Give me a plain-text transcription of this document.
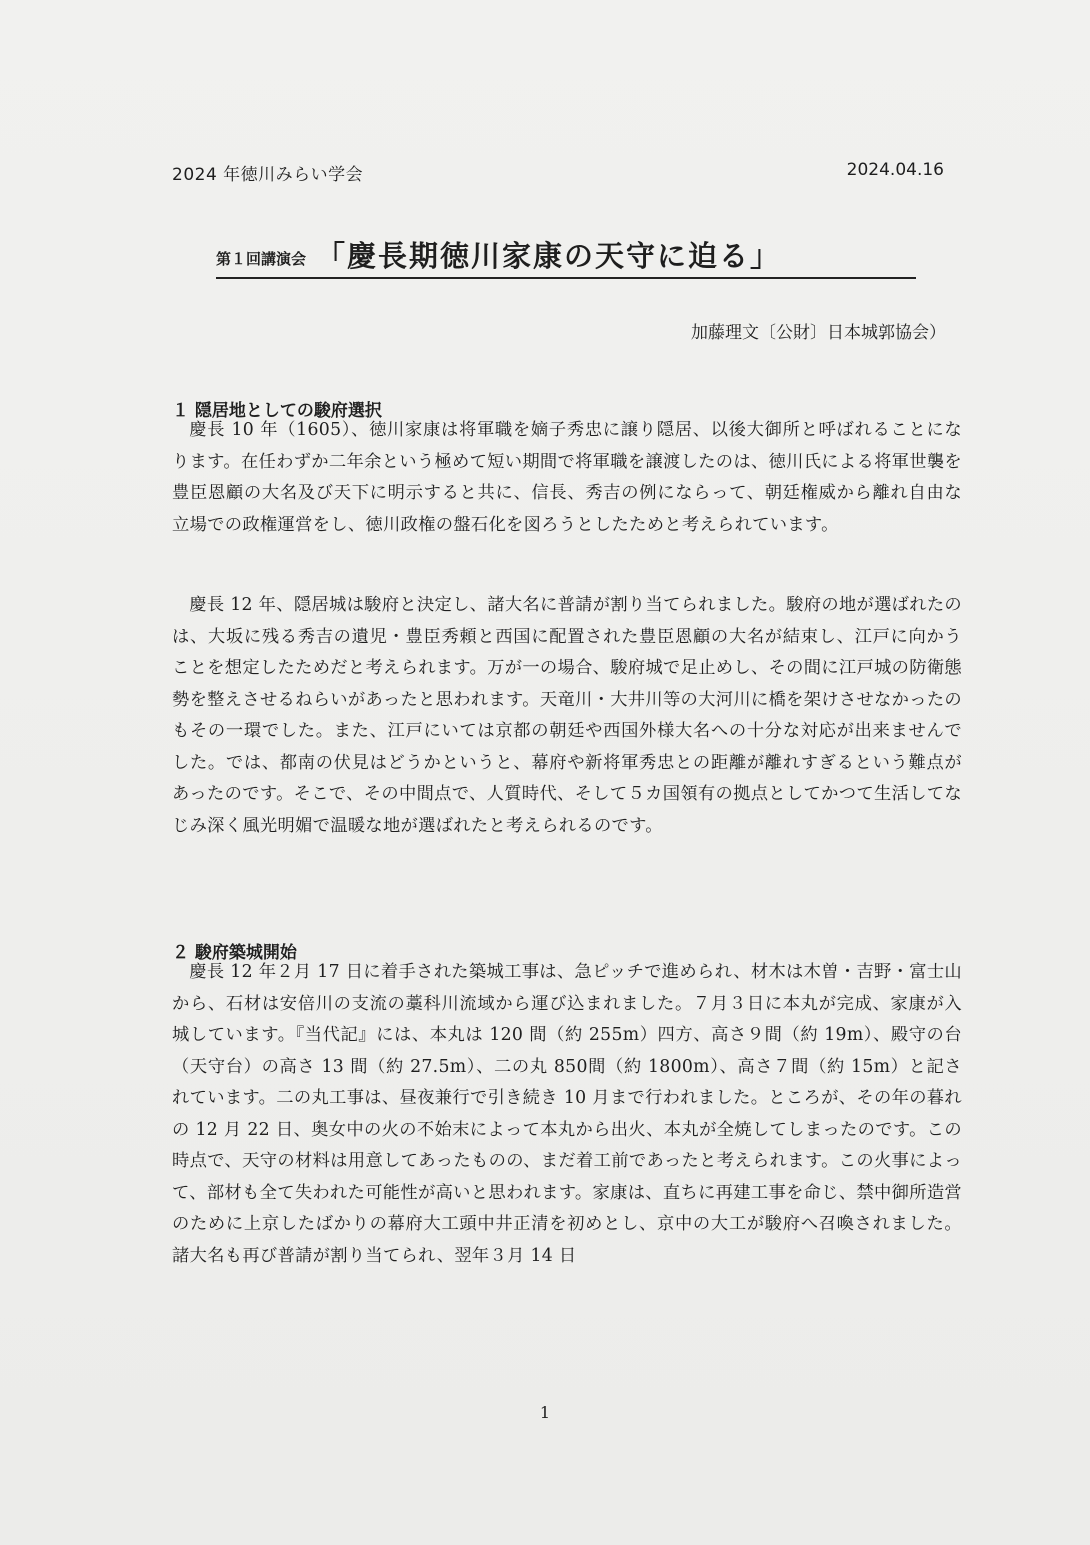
2024 年徳川みらい学会	2024.04.16
第１回講演会 「慶長期徳川家康の天守に迫る」
加藤理文〔公財〕日本城郭協会）
１ 隠居地としての駿府選択
慶長 10 年（1605）、徳川家康は将軍職を嫡子秀忠に譲り隠居、以後大御所と呼ばれることになります。在任わずか二年余という極めて短い期間で将軍職を譲渡したのは、徳川氏による将軍世襲を豊臣恩顧の大名及び天下に明示すると共に、信長、秀吉の例にならって、朝廷権威から離れ自由な立場での政権運営をし、徳川政権の盤石化を図ろうとしたためと考えられています。
慶長 12 年、隠居城は駿府と決定し、諸大名に普請が割り当てられました。駿府の地が選ばれたのは、大坂に残る秀吉の遺児・豊臣秀頼と西国に配置された豊臣恩顧の大名が結束し、江戸に向かうことを想定したためだと考えられます。万が一の場合、駿府城で足止めし、その間に江戸城の防衛態勢を整えさせるねらいがあったと思われます。天竜川・大井川等の大河川に橋を架けさせなかったのもその一環でした。また、江戸にいては京都の朝廷や西国外様大名への十分な対応が出来ませんでした。では、都南の伏見はどうかというと、幕府や新将軍秀忠との距離が離れすぎるという難点があったのです。そこで、その中間点で、人質時代、そして５カ国領有の拠点としてかつて生活してなじみ深く風光明媚で温暖な地が選ばれたと考えられるのです。
２ 駿府築城開始
慶長 12 年２月 17 日に着手された築城工事は、急ピッチで進められ、材木は木曽・吉野・富士山から、石材は安倍川の支流の藁科川流域から運び込まれました。７月３日に本丸が完成、家康が入城しています。『当代記』には、本丸は 120 間（約 255m）四方、高さ９間（約 19m）、殿守の台（天守台）の高さ 13 間（約 27.5m）、二の丸 850間（約 1800m）、高さ７間（約 15m）と記されています。二の丸工事は、昼夜兼行で引き続き 10 月まで行われました。ところが、その年の暮れの 12 月 22 日、奥女中の火の不始末によって本丸から出火、本丸が全焼してしまったのです。この時点で、天守の材料は用意してあったものの、まだ着工前であったと考えられます。この火事によって、部材も全て失われた可能性が高いと思われます。家康は、直ちに再建工事を命じ、禁中御所造営のために上京したばかりの幕府大工頭中井正清を初めとし、京中の大工が駿府へ召喚されました。諸大名も再び普請が割り当てられ、翌年３月 14 日
1
